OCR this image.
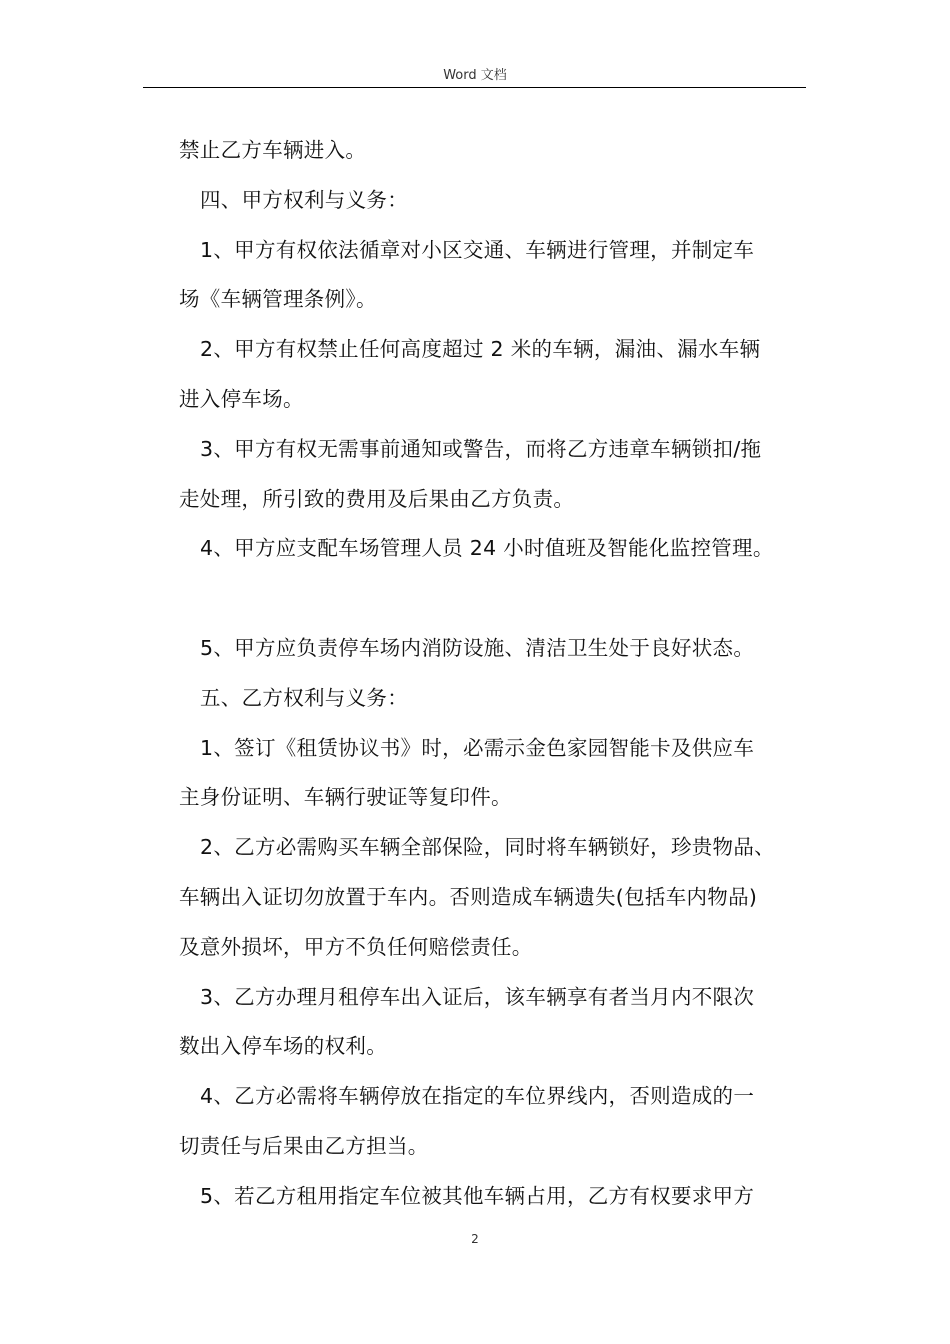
Word 文档
禁止乙方车辆进入。
四、甲方权利与义务：
1、甲方有权依法循章对小区交通、车辆进行管理，并制定车
场《车辆管理条例》。
2、甲方有权禁止任何高度超过 2 米的车辆，漏油、漏水车辆
进入停车场。
3、甲方有权无需事前通知或警告，而将乙方违章车辆锁扣/拖
走处理，所引致的费用及后果由乙方负责。
4、甲方应支配车场管理人员 24 小时值班及智能化监控管理。
5、甲方应负责停车场内消防设施、清洁卫生处于良好状态。
五、乙方权利与义务：
1、签订《租赁协议书》时，必需示金色家园智能卡及供应车
主身份证明、车辆行驶证等复印件。
2、乙方必需购买车辆全部保险，同时将车辆锁好，珍贵物品、
车辆出入证切勿放置于车内。否则造成车辆遗失(包括车内物品)
及意外损坏，甲方不负任何赔偿责任。
3、乙方办理月租停车出入证后，该车辆享有者当月内不限次
数出入停车场的权利。
4、乙方必需将车辆停放在指定的车位界线内，否则造成的一
切责任与后果由乙方担当。
5、若乙方租用指定车位被其他车辆占用，乙方有权要求甲方
2
